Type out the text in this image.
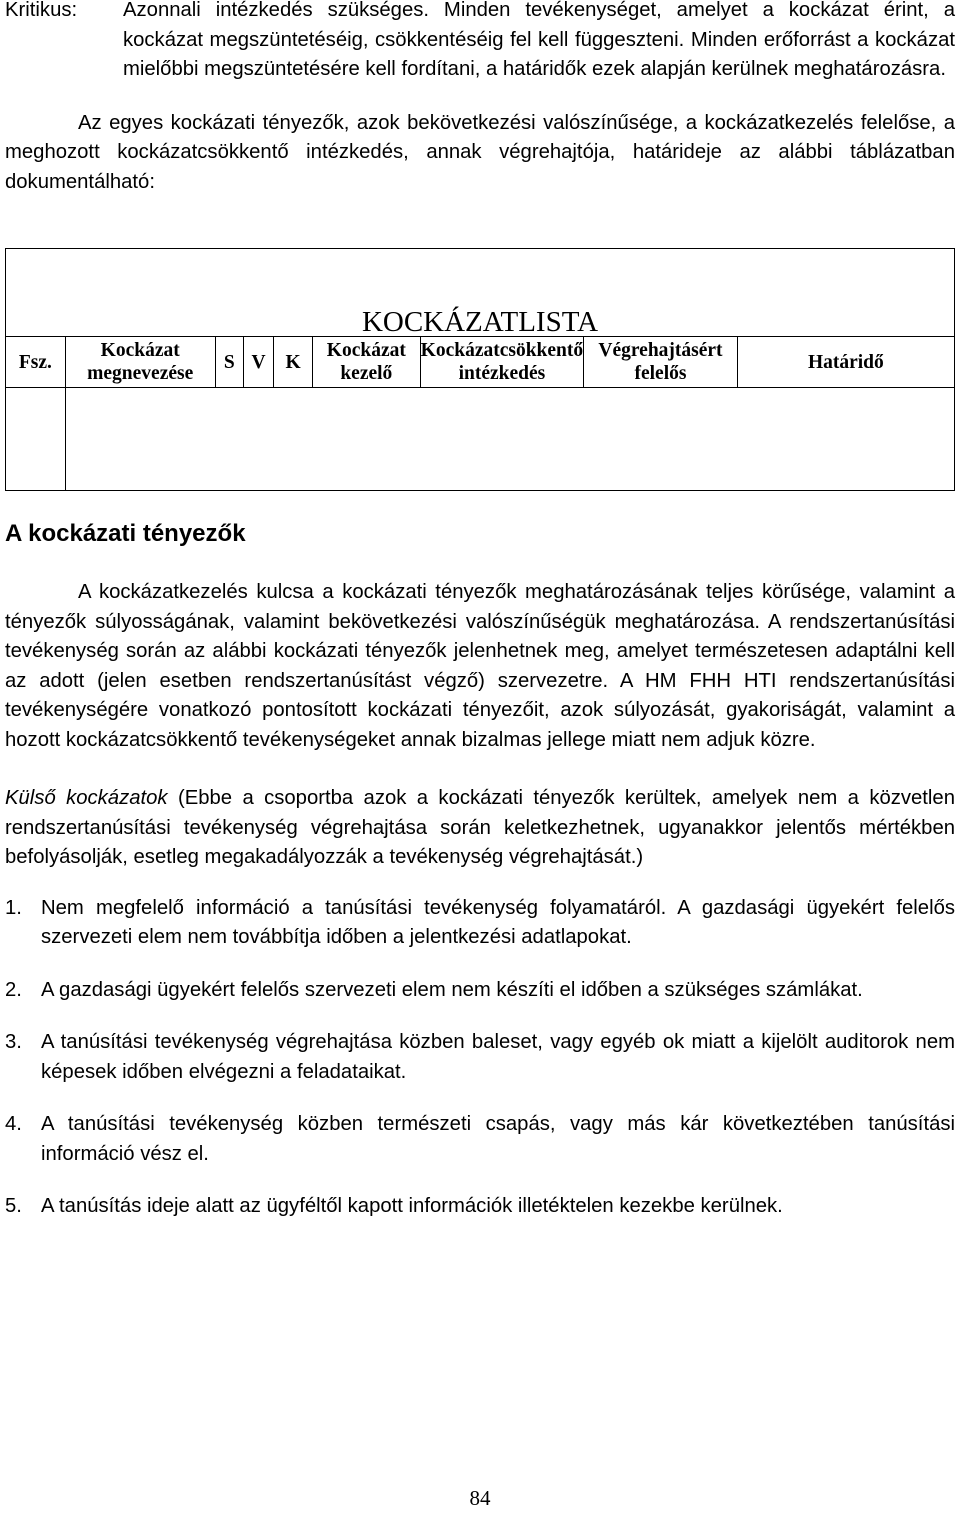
Kritikus:	Azonnali intézkedés szükséges. Minden tevékenységet, amelyet a kockázat érint, a kockázat megszüntetéséig, csökkentéséig fel kell függeszteni. Minden erőforrást a kockázat mielőbbi megszüntetésére kell fordítani, a határidők ezek alapján kerülnek meghatározásra.

Az egyes kockázati tényezők, azok bekövetkezési valószínűsége, a kockázatkezelés felelőse, a meghozott kockázatcsökkentő intézkedés, annak végrehajtója, határideje az alábbi táblázatban dokumentálható:

KOCKÁZATLISTA								
Fsz.	Kockázat megnevezése	S	V	K	Kockázat kezelő	Kockázatcsökkentő intézkedés	Végrehajtásért felelős	Határidő

A kockázati tényezők

A kockázatkezelés kulcsa a kockázati tényezők meghatározásának teljes körűsége, valamint a tényezők súlyosságának, valamint bekövetkezési valószínűségük meghatározása. A rendszertanúsítási tevékenység során az alábbi kockázati tényezők jelenhetnek meg, amelyet természetesen adaptálni kell az adott (jelen esetben rendszertanúsítást végző) szervezetre. A HM FHH HTI rendszertanúsítási tevékenységére vonatkozó pontosított kockázati tényezőit, azok súlyozását, gyakoriságát, valamint a hozott kockázatcsökkentő tevékenységeket annak bizalmas jellege miatt nem adjuk közre.

Külső kockázatok (Ebbe a csoportba azok a kockázati tényezők kerültek, amelyek nem a közvetlen rendszertanúsítási tevékenység végrehajtása során keletkezhetnek, ugyanakkor jelentős mértékben befolyásolják, esetleg megakadályozzák a tevékenység végrehajtását.)

1. Nem megfelelő információ a tanúsítási tevékenység folyamatáról. A gazdasági ügyekért felelős szervezeti elem nem továbbítja időben a jelentkezési adatlapokat.
2. A gazdasági ügyekért felelős szervezeti elem nem készíti el időben a szükséges számlákat.
3. A tanúsítási tevékenység végrehajtása közben baleset, vagy egyéb ok miatt a kijelölt auditorok nem képesek időben elvégezni a feladataikat.
4. A tanúsítási tevékenység közben természeti csapás, vagy más kár következtében tanúsítási információ vész el.
5. A tanúsítás ideje alatt az ügyféltől kapott információk illetéktelen kezekbe kerülnek.
84
